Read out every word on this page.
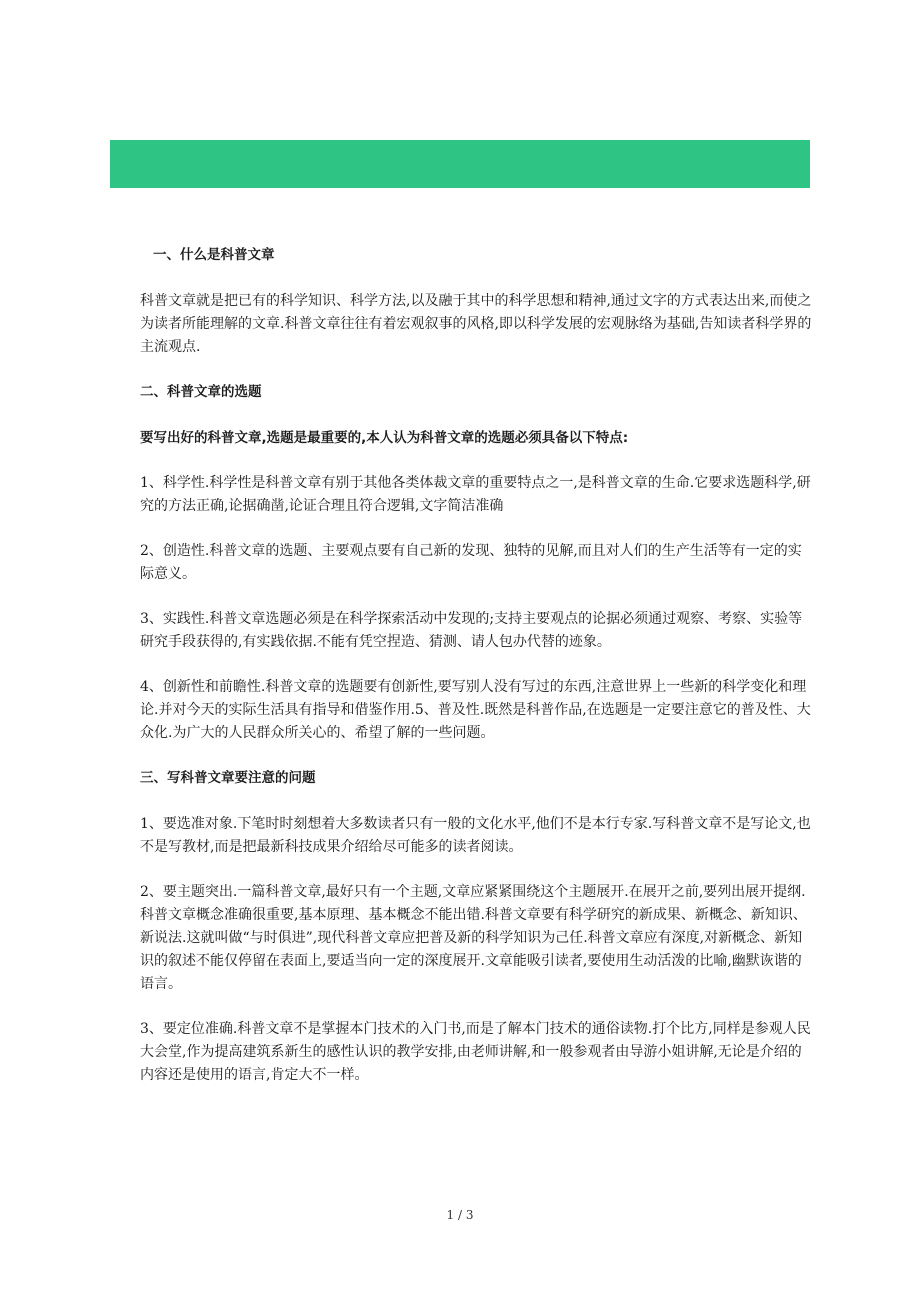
一、什么是科普文章

科普文章就是把已有的科学知识、科学方法,以及融于其中的科学思想和精神,通过文字的方式表达出来,而使之为读者所能理解的文章.科普文章往往有着宏观叙事的风格,即以科学发展的宏观脉络为基础,告知读者科学界的主流观点.

二、科普文章的选题

要写出好的科普文章,选题是最重要的,本人认为科普文章的选题必须具备以下特点:

1、科学性.科学性是科普文章有别于其他各类体裁文章的重要特点之一,是科普文章的生命.它要求选题科学,研究的方法正确,论据确凿,论证合理且符合逻辑,文字简洁准确

2、创造性.科普文章的选题、主要观点要有自己新的发现、独特的见解,而且对人们的生产生活等有一定的实际意义。

3、实践性.科普文章选题必须是在科学探索活动中发现的;支持主要观点的论据必须通过观察、考察、实验等研究手段获得的,有实践依据.不能有凭空捏造、猜测、请人包办代替的迹象。

4、创新性和前瞻性.科普文章的选题要有创新性,要写别人没有写过的东西,注意世界上一些新的科学变化和理论.并对今天的实际生活具有指导和借鉴作用.5、普及性.既然是科普作品,在选题是一定要注意它的普及性、大众化.为广大的人民群众所关心的、希望了解的一些问题。

三、写科普文章要注意的问题

1、要选准对象.下笔时时刻想着大多数读者只有一般的文化水平,他们不是本行专家.写科普文章不是写论文,也不是写教材,而是把最新科技成果介绍给尽可能多的读者阅读。

2、要主题突出.一篇科普文章,最好只有一个主题,文章应紧紧围绕这个主题展开.在展开之前,要列出展开提纲.科普文章概念准确很重要,基本原理、基本概念不能出错.科普文章要有科学研究的新成果、新概念、新知识、新说法.这就叫做“与时俱进”,现代科普文章应把普及新的科学知识为己任.科普文章应有深度,对新概念、新知识的叙述不能仅停留在表面上,要适当向一定的深度展开.文章能吸引读者,要使用生动活泼的比喻,幽默诙谐的语言。

3、要定位准确.科普文章不是掌握本门技术的入门书,而是了解本门技术的通俗读物.打个比方,同样是参观人民大会堂,作为提高建筑系新生的感性认识的教学安排,由老师讲解,和一般参观者由导游小姐讲解,无论是介绍的内容还是使用的语言,肯定大不一样。

1 / 3
